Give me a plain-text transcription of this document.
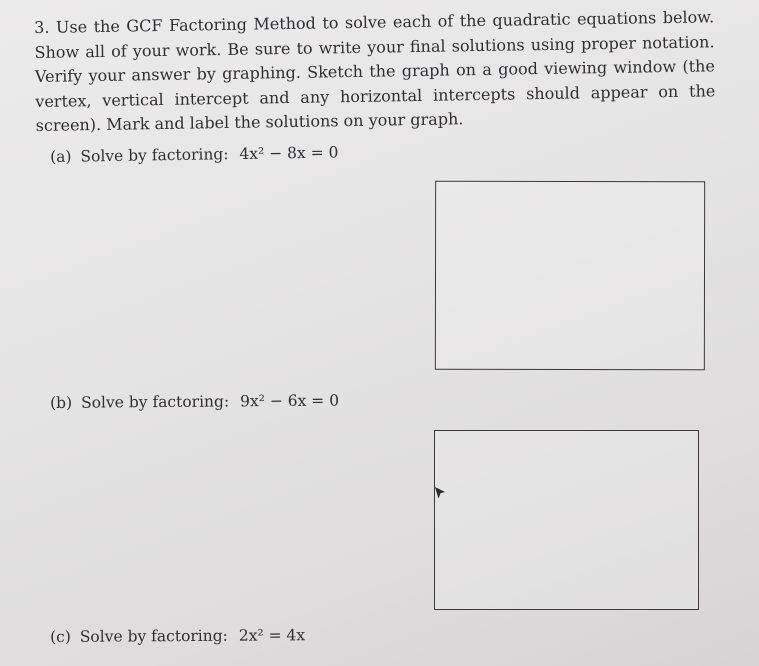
3. Use the GCF Factoring Method to solve each of the quadratic equations below. Show all of your work. Be sure to write your final solutions using proper notation. Verify your answer by graphing. Sketch the graph on a good viewing window (the vertex, vertical intercept and any horizontal intercepts should appear on the screen). Mark and label the solutions on your graph.
(a) Solve by factoring: 4x² − 8x = 0
(b) Solve by factoring: 9x² − 6x = 0
(c) Solve by factoring: 2x² = 4x
